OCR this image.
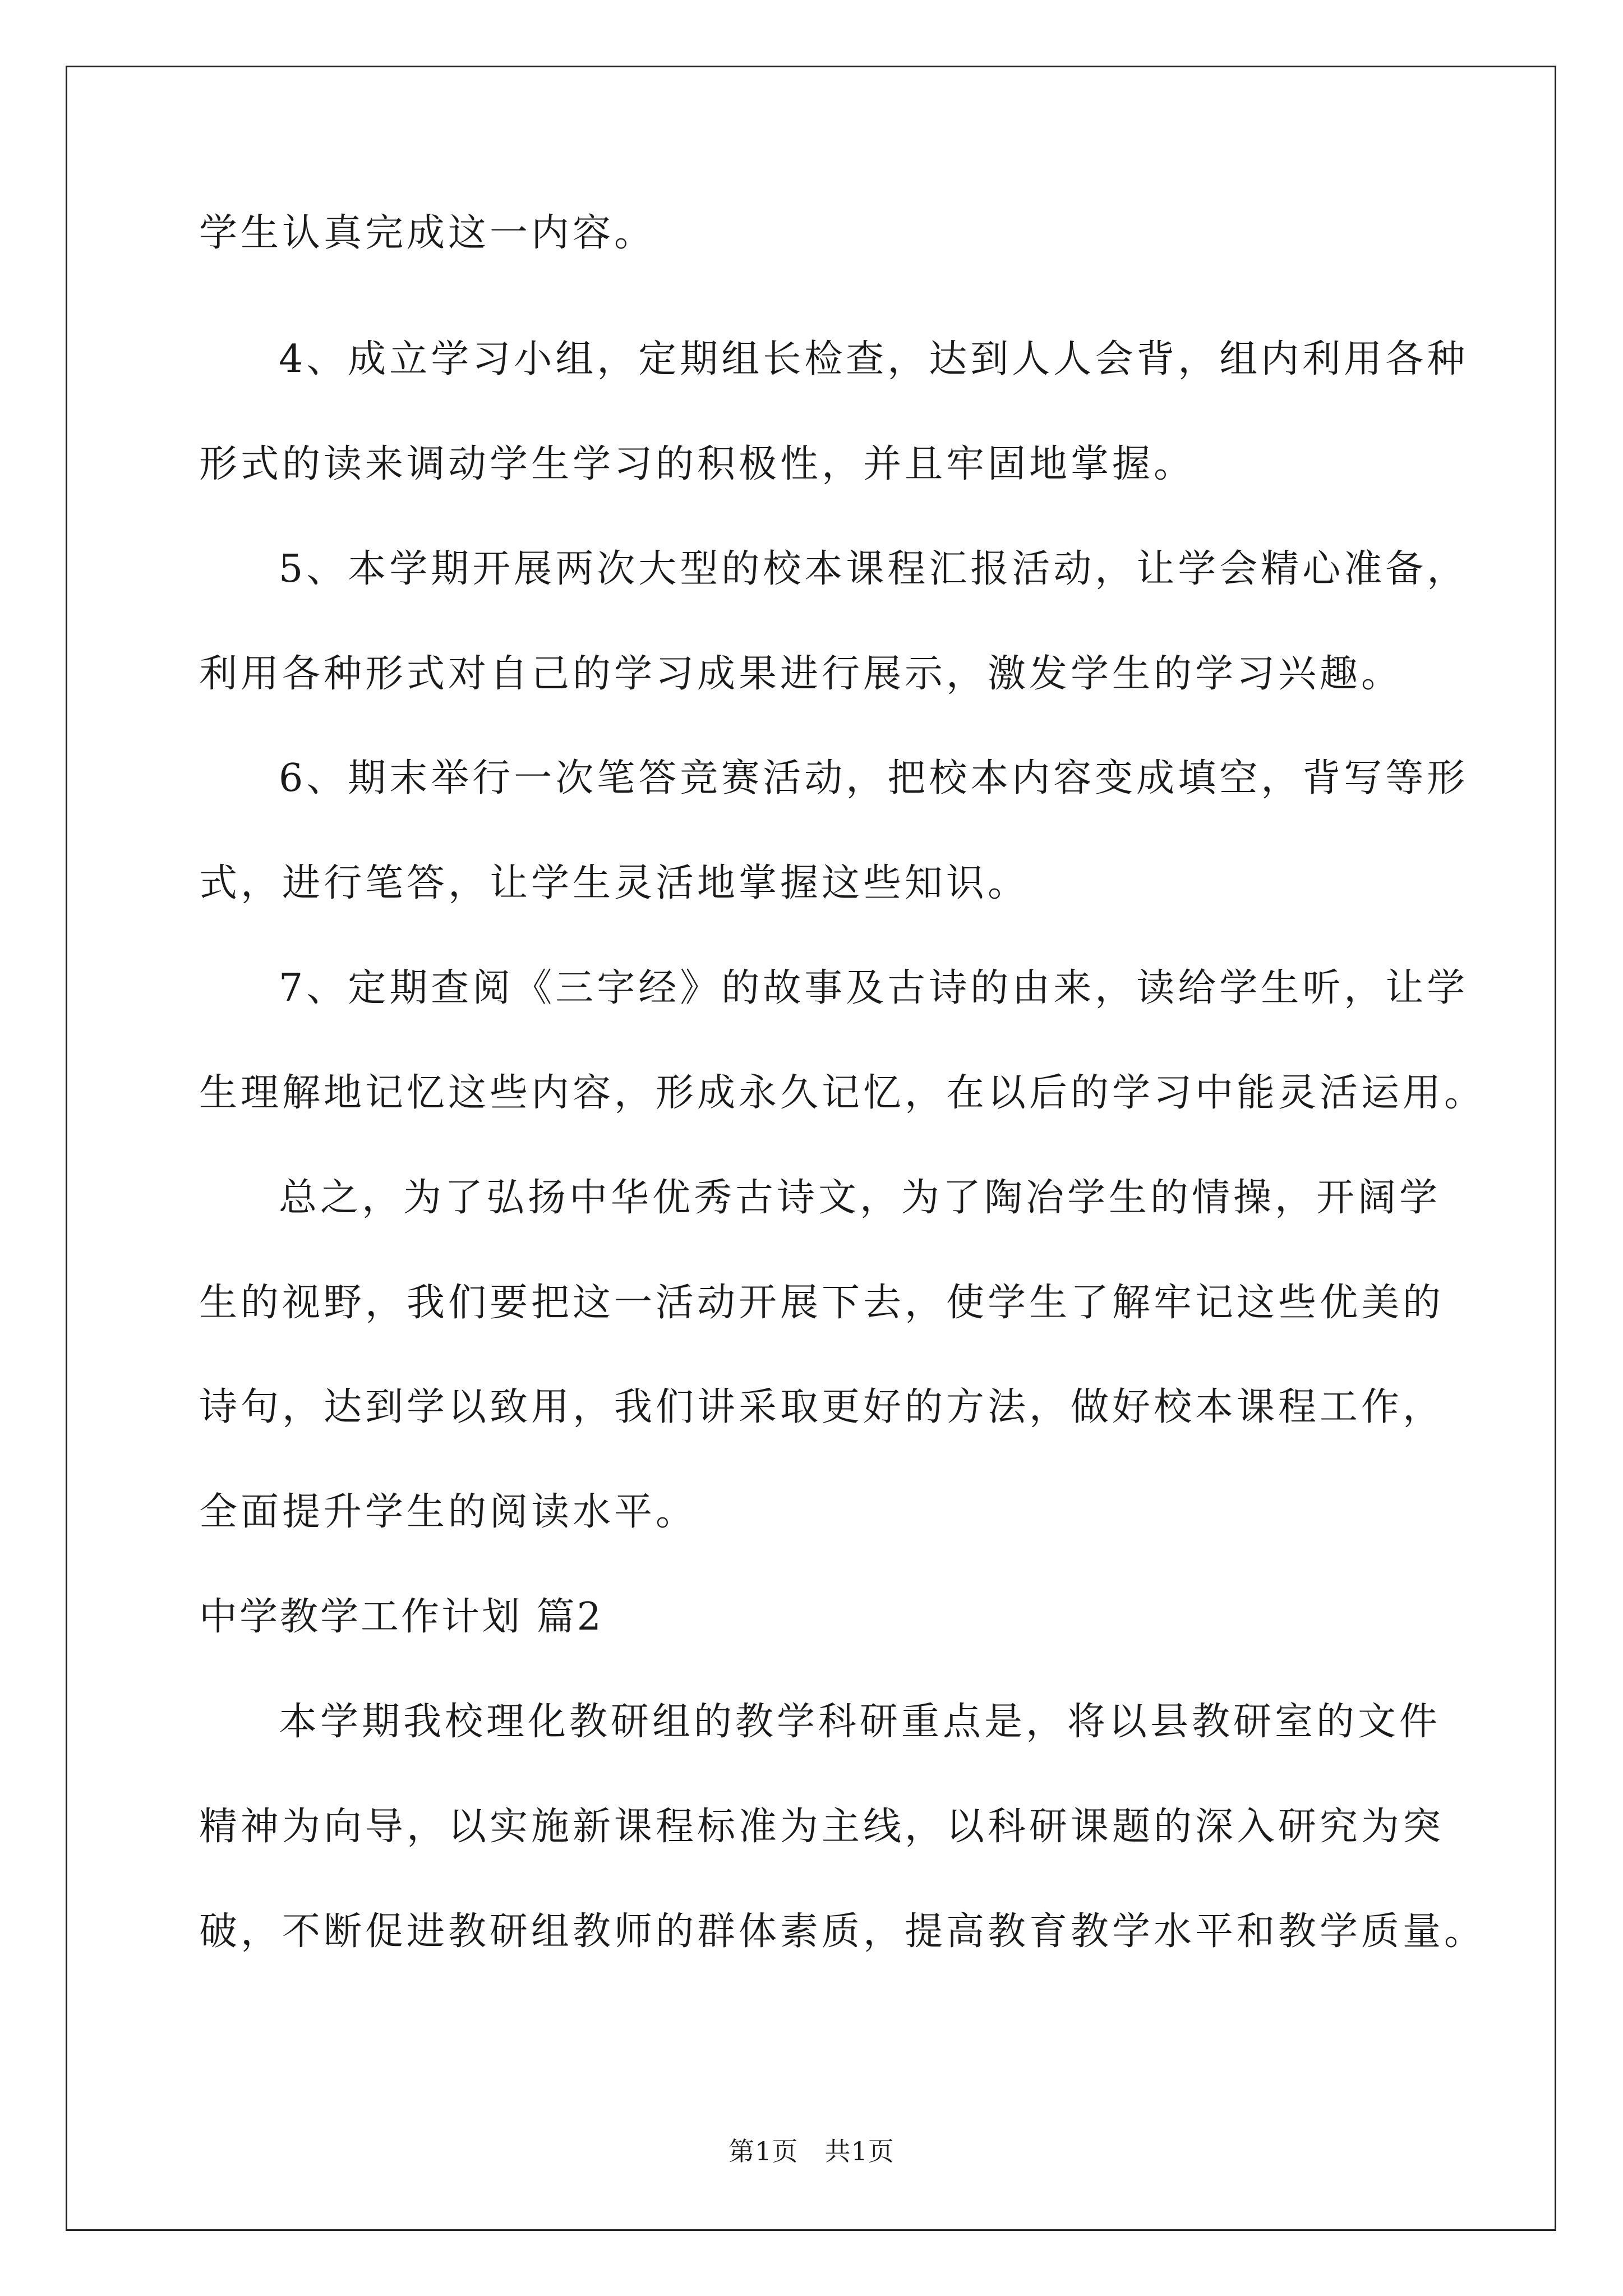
学生认真完成这一内容。
4、成立学习小组，定期组长检查，达到人人会背，组内利用各种
形式的读来调动学生学习的积极性，并且牢固地掌握。
5、本学期开展两次大型的校本课程汇报活动，让学会精心准备，
利用各种形式对自己的学习成果进行展示，激发学生的学习兴趣。
6、期末举行一次笔答竞赛活动，把校本内容变成填空，背写等形
式，进行笔答，让学生灵活地掌握这些知识。
7、定期查阅《三字经》的故事及古诗的由来，读给学生听，让学
生理解地记忆这些内容，形成永久记忆，在以后的学习中能灵活运用。
总之，为了弘扬中华优秀古诗文，为了陶冶学生的情操，开阔学
生的视野，我们要把这一活动开展下去，使学生了解牢记这些优美的
诗句，达到学以致用，我们讲采取更好的方法，做好校本课程工作，
全面提升学生的阅读水平。
中学教学工作计划 篇2
本学期我校理化教研组的教学科研重点是，将以县教研室的文件
精神为向导，以实施新课程标准为主线，以科研课题的深入研究为突
破，不断促进教研组教师的群体素质，提高教育教学水平和教学质量。
第1页　共1页
